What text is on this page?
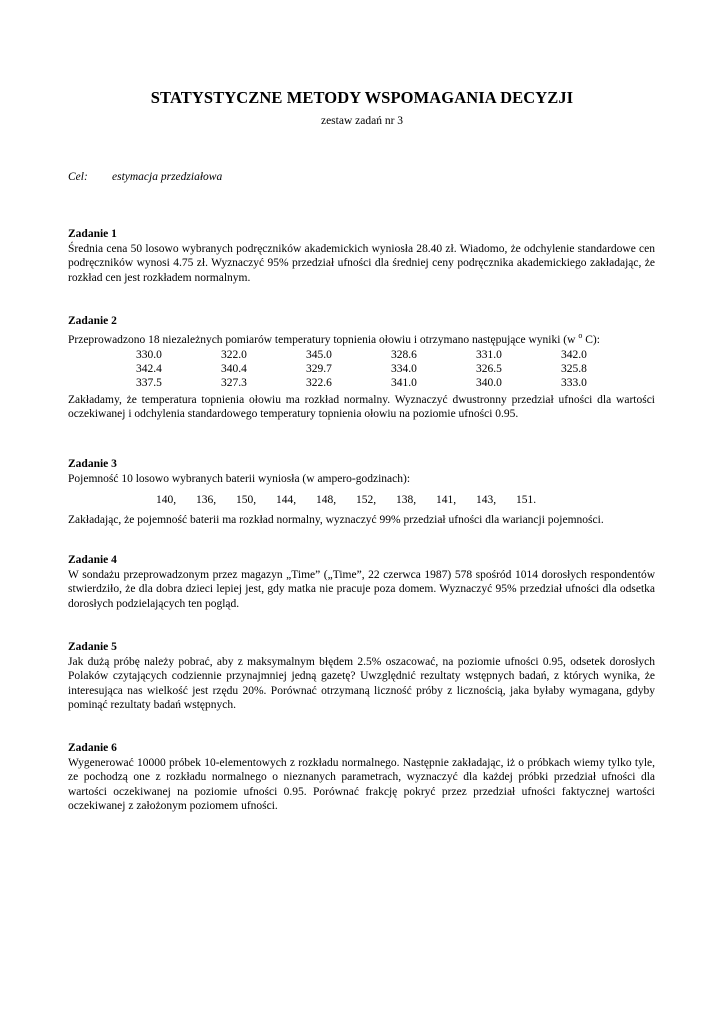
STATYSTYCZNE METODY WSPOMAGANIA DECYZJI
zestaw zadań nr 3
Cel: estymacja przedziałowa
Zadanie 1

Średnia cena 50 losowo wybranych podręczników akademickich wyniosła 28.40 zł. Wiadomo, że odchylenie standardowe cen podręczników wynosi 4.75 zł. Wyznaczyć 95% przedział ufności dla średniej ceny podręcznika akademickiego zakładając, że rozkład cen jest rozkładem normalnym.

Zadanie 2

Przeprowadzono 18 niezależnych pomiarów temperatury topnienia ołowiu i otrzymano następujące wyniki (w $^o$ C):

330.0	322.0	345.0	328.6	331.0	342.0
342.4	340.4	329.7	334.0	326.5	325.8
337.5	327.3	322.6	341.0	340.0	333.0

Zakładamy, że temperatura topnienia ołowiu ma rozkład normalny. Wyznaczyć dwustronny przedział ufności dla wartości oczekiwanej i odchylenia standardowego temperatury topnienia ołowiu na poziomie ufności 0.95.

Zadanie 3

Pojemność 10 losowo wybranych baterii wyniosła (w ampero-godzinach):

140,	136,	150,	144,	148,	152,	138,	141,	143,	151.

Zakładając, że pojemność baterii ma rozkład normalny, wyznaczyć 99% przedział ufności dla wariancji pojemności.

Zadanie 4

W sondażu przeprowadzonym przez magazyn „Time” („Time”, 22 czerwca 1987) 578 spośród 1014 dorosłych respondentów stwierdziło, że dla dobra dzieci lepiej jest, gdy matka nie pracuje poza domem. Wyznaczyć 95% przedział ufności dla odsetka dorosłych podzielających ten pogląd.

Zadanie 5

Jak dużą próbę należy pobrać, aby z maksymalnym błędem 2.5% oszacować, na poziomie ufności 0.95, odsetek dorosłych Polaków czytających codziennie przynajmniej jedną gazetę? Uwzględnić rezultaty wstępnych badań, z których wynika, że interesująca nas wielkość jest rzędu 20%. Porównać otrzymaną liczność próby z licznością, jaka byłaby wymagana, gdyby pominąć rezultaty badań wstępnych.

Zadanie 6

Wygenerować 10000 próbek 10-elementowych z rozkładu normalnego. Następnie zakładając, iż o próbkach wiemy tylko tyle, ze pochodzą one z rozkładu normalnego o nieznanych parametrach, wyznaczyć dla każdej próbki przedział ufności dla wartości oczekiwanej na poziomie ufności 0.95. Porównać frakcję pokryć przez przedział ufności faktycznej wartości oczekiwanej z założonym poziomem ufności.
